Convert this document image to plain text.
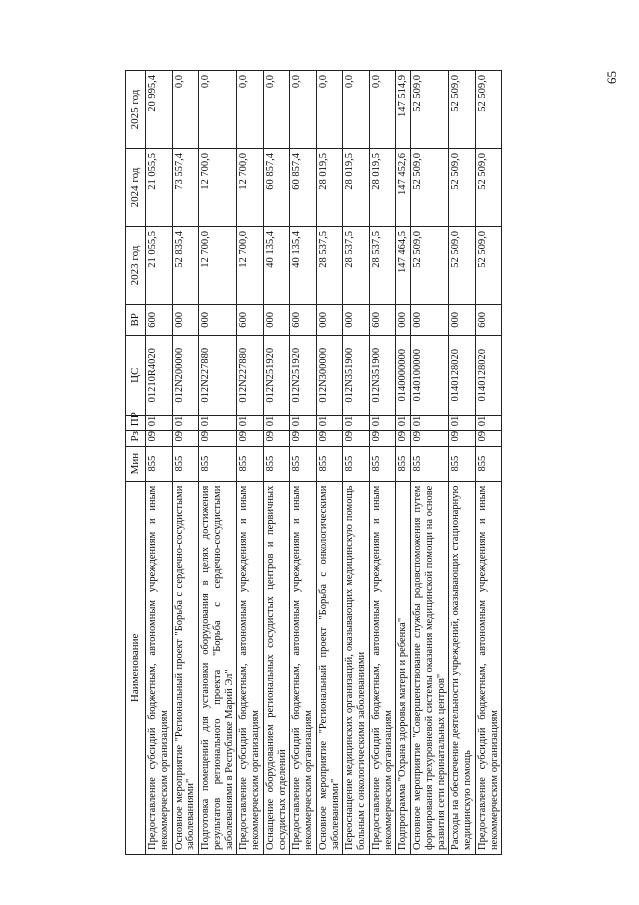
65
Наименование	Мин	Рз	ПР	ЦС	ВР	2023 год	2024 год	2025 год
Предоставление субсидий бюджетным, автономным учреждениям и иным некоммерческим организациям	855	09	01	01210R4020	600	21 055,5	21 055,5	20 995,4
Основное мероприятие "Региональный проект "Борьба с сердечно-сосудистыми заболеваниями"	855	09	01	012N200000	000	52 835,4	73 557,4	0,0
Подготовка помещений для установки оборудования в целях достижения результатов регионального проекта "Борьба с сердечно-сосудистыми заболеваниями в Республике Марий Эл"	855	09	01	012N227880	000	12 700,0	12 700,0	0,0
Предоставление субсидий бюджетным, автономным учреждениям и иным некоммерческим организациям	855	09	01	012N227880	600	12 700,0	12 700,0	0,0
Оснащение оборудованием региональных сосудистых центров и первичных сосудистых отделений	855	09	01	012N251920	000	40 135,4	60 857,4	0,0
Предоставление субсидий бюджетным, автономным учреждениям и иным некоммерческим организациям	855	09	01	012N251920	600	40 135,4	60 857,4	0,0
Основное мероприятие "Региональный проект "Борьба с онкологическими заболеваниями"	855	09	01	012N300000	000	28 537,5	28 019,5	0,0
Переоснащение медицинских организаций, оказывающих медицинскую помощь больным с онкологическими заболеваниями	855	09	01	012N351900	000	28 537,5	28 019,5	0,0
Предоставление субсидий бюджетным, автономным учреждениям и иным некоммерческим организациям	855	09	01	012N351900	600	28 537,5	28 019,5	0,0
Подпрограмма "Охрана здоровья матери и ребенка"	855	09	01	0140000000	000	147 464,5	147 452,6	147 514,9
Основное мероприятие "Совершенствование службы родовспоможения путем формирования трехуровневой системы оказания медицинской помощи на основе развития сети перинатальных центров"	855	09	01	0140100000	000	52 509,0	52 509,0	52 509,0
Расходы на обеспечение деятельности учреждений, оказывающих стационарную медицинскую помощь	855	09	01	0140128020	000	52 509,0	52 509,0	52 509,0
Предоставление субсидий бюджетным, автономным учреждениям и иным некоммерческим организациям	855	09	01	0140128020	600	52 509,0	52 509,0	52 509,0
